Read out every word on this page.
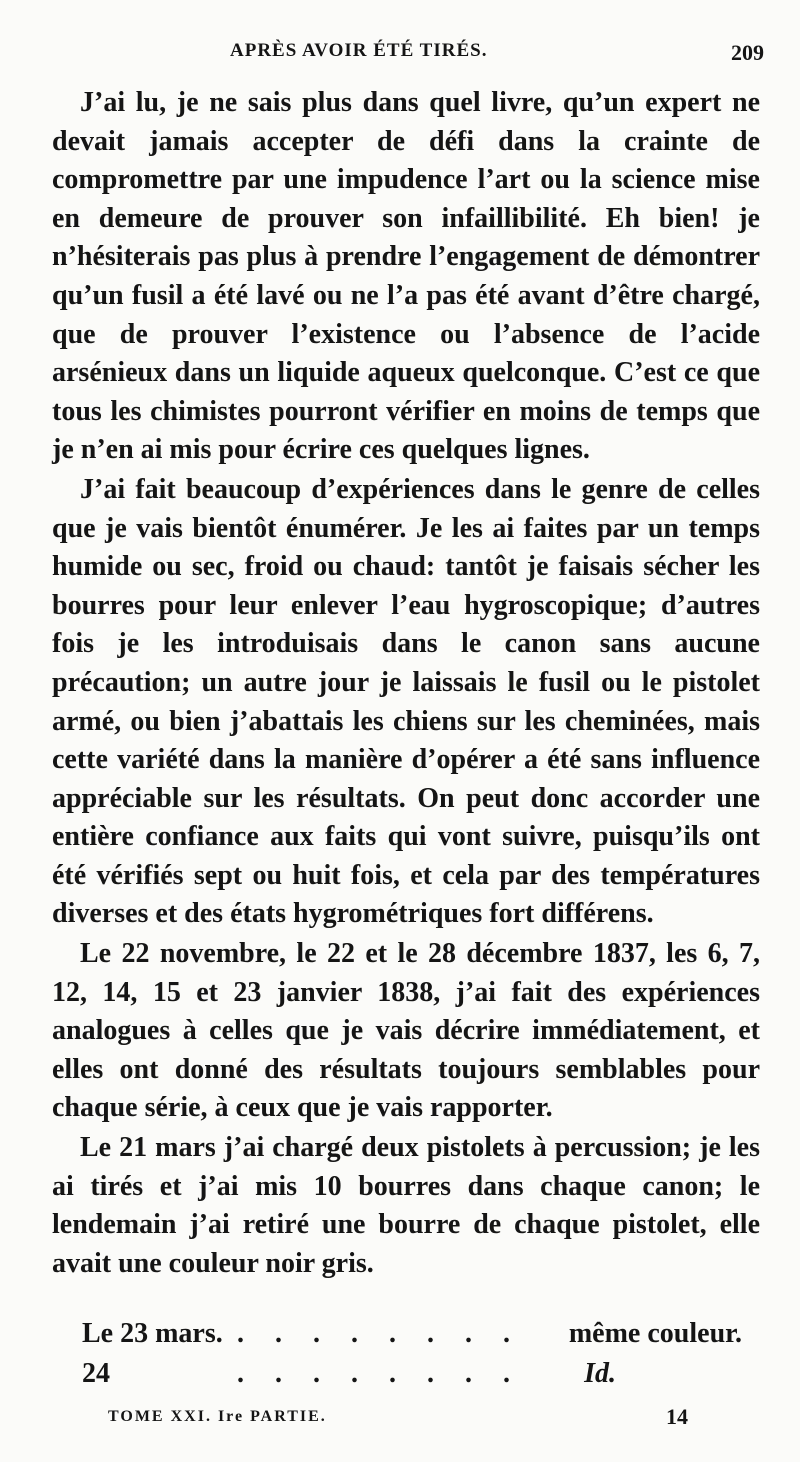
APRÈS AVOIR ÉTÉ TIRÉS.	209

J’ai lu, je ne sais plus dans quel livre, qu’un expert ne devait jamais accepter de défi dans la crainte de compromettre par une impudence l’art ou la science mise en demeure de prouver son infaillibilité. Eh bien! je n’hésiterais pas plus à prendre l’engagement de démontrer qu’un fusil a été lavé ou ne l’a pas été avant d’être chargé, que de prouver l’existence ou l’absence de l’acide arsénieux dans un liquide aqueux quelconque. C’est ce que tous les chimistes pourront vérifier en moins de temps que je n’en ai mis pour écrire ces quelques lignes.

J’ai fait beaucoup d’expériences dans le genre de celles que je vais bientôt énumérer. Je les ai faites par un temps humide ou sec, froid ou chaud: tantôt je faisais sécher les bourres pour leur enlever l’eau hygroscopique; d’autres fois je les introduisais dans le canon sans aucune précaution; un autre jour je laissais le fusil ou le pistolet armé, ou bien j’abattais les chiens sur les cheminées, mais cette variété dans la manière d’opérer a été sans influence appréciable sur les résultats. On peut donc accorder une entière confiance aux faits qui vont suivre, puisqu’ils ont été vérifiés sept ou huit fois, et cela par des températures diverses et des états hygrométriques fort différens.

Le 22 novembre, le 22 et le 28 décembre 1837, les 6, 7, 12, 14, 15 et 23 janvier 1838, j’ai fait des expériences analogues à celles que je vais décrire immédiatement, et elles ont donné des résultats toujours semblables pour chaque série, à ceux que je vais rapporter.

Le 21 mars j’ai chargé deux pistolets à percussion; je les ai tirés et j’ai mis 10 bourres dans chaque canon; le lendemain j’ai retiré une bourre de chaque pistolet, elle avait une couleur noir gris.

Le 23 mars. . . . . . . . . même couleur.
24	. . . . . . . . Id.
TOME XXI. Ire PARTIE.	14
